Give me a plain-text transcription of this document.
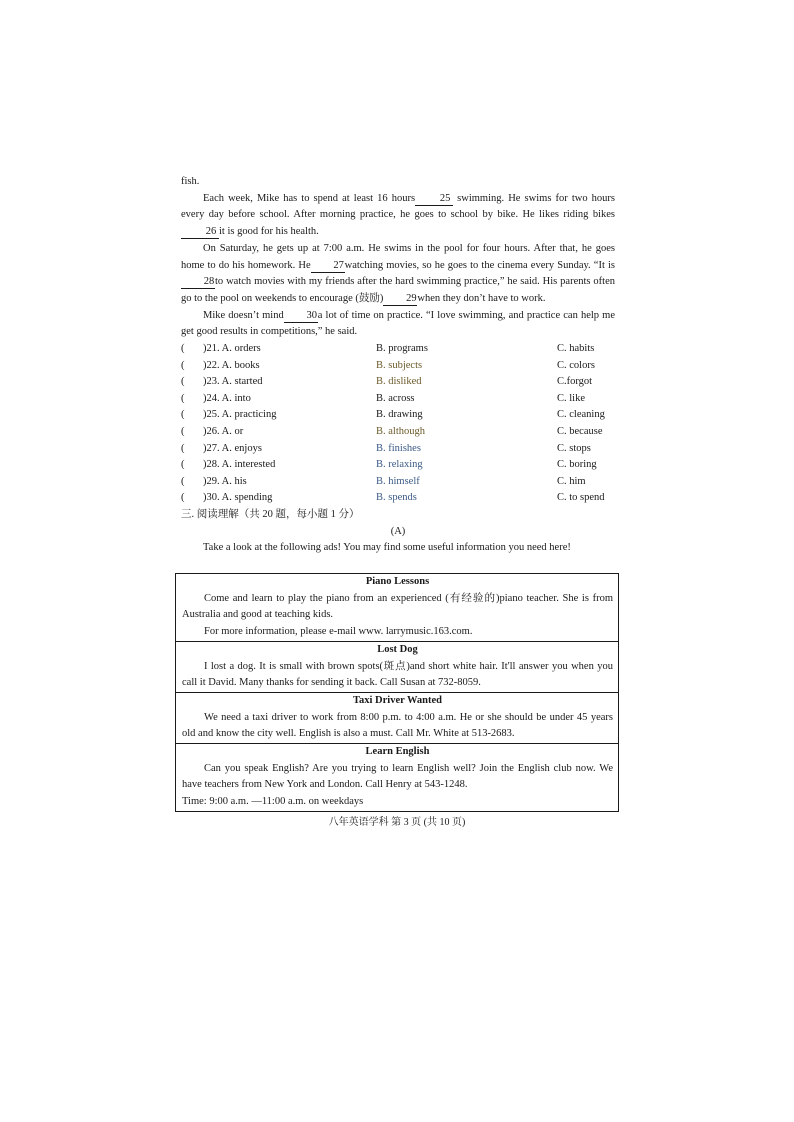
fish.

Each week, Mike has to spend at least 16 hours 25 swimming. He swims for two hours every day before school. After morning practice, he goes to school by bike. He likes riding bikes26 it is good for his health.

On Saturday, he gets up at 7:00 a.m. He swims in the pool for four hours. After that, he goes home to do his homework. He 27watching movies, so he goes to the cinema every Sunday. “It is28to watch movies with my friends after the hard swimming practice,” he said. His parents often go to the pool on weekends to encourage (鼓励) 29when they don’t have to work.

Mike doesn’t mind 30a lot of time on practice. “I love swimming, and practice can help me get good results in competitions,” he said.

(	)21. A. orders	B. programs	C. habits
(	)22. A. books	B. subjects	C. colors
(	)23. A. started	B. disliked	C.forgot
(	)24. A. into	B. across	C. like
(	)25. A. practicing	B. drawing	C. cleaning
(	)26. A. or	B. although	C. because
(	)27. A. enjoys	B. finishes	C. stops
(	)28. A. interested	B. relaxing	C. boring
(	)29. A. his	B. himself	C. him
(	)30. A. spending	B. spends	C. to spend

三. 阅读理解（共 20 题，每小题 1 分）

(A)

Take a look at the following ads! You may find some useful information you need here!

Piano Lessons
Come and learn to play the piano from an experienced (有经验的)piano teacher. She is from Australia and good at teaching kids.
For more information, please e-mail www. larrymusic.163.com.
Lost Dog
I lost a dog. It is small with brown spots(斑点)and short white hair. It'll answer you when you call it David. Many thanks for sending it back. Call Susan at 732-8059.
Taxi Driver Wanted
We need a taxi driver to work from 8:00 p.m. to 4:00 a.m. He or she should be under 45 years old and know the city well. English is also a must. Call Mr. White at 513-2683.
Learn English
Can you speak English? Are you trying to learn English well? Join the English club now. We have teachers from New York and London. Call Henry at 543-1248.
Time: 9:00 a.m. —11:00 a.m. on weekdays
八年英语学科 第 3 页 (共 10 页)
